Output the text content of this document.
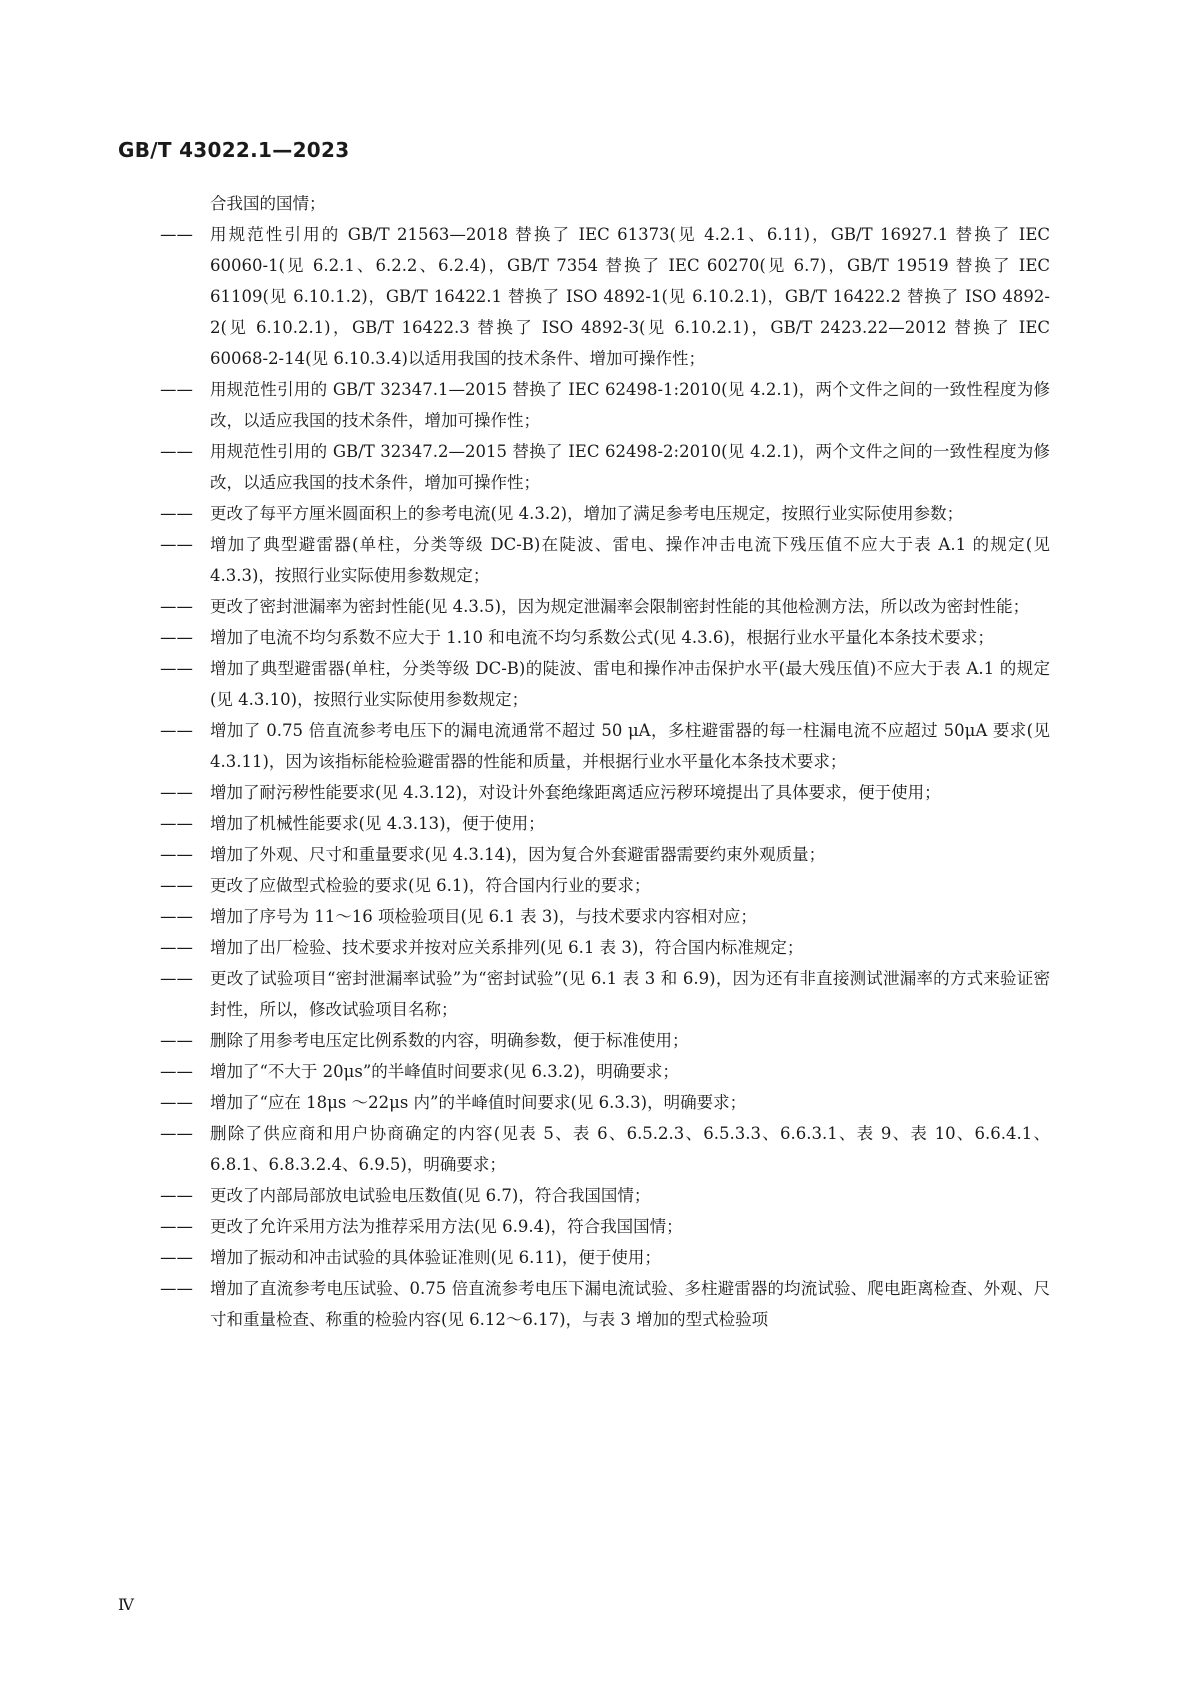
GB/T 43022.1—2023
合我国的国情；
——	用规范性引用的 GB/T 21563—2018 替换了 IEC 61373(见 4.2.1、6.11)，GB/T 16927.1 替换了 IEC 60060-1(见 6.2.1、6.2.2、6.2.4)，GB/T 7354 替换了 IEC 60270(见 6.7)，GB/T 19519 替换了 IEC 61109(见 6.10.1.2)，GB/T 16422.1 替换了 ISO 4892-1(见 6.10.2.1)，GB/T 16422.2 替换了 ISO 4892-2(见 6.10.2.1)，GB/T 16422.3 替换了 ISO 4892-3(见 6.10.2.1)，GB/T 2423.22—2012 替换了 IEC 60068-2-14(见 6.10.3.4)以适用我国的技术条件、增加可操作性；
——	用规范性引用的 GB/T 32347.1—2015 替换了 IEC 62498-1:2010(见 4.2.1)，两个文件之间的一致性程度为修改，以适应我国的技术条件，增加可操作性；
——	用规范性引用的 GB/T 32347.2—2015 替换了 IEC 62498-2:2010(见 4.2.1)，两个文件之间的一致性程度为修改，以适应我国的技术条件，增加可操作性；
——	更改了每平方厘米圆面积上的参考电流(见 4.3.2)，增加了满足参考电压规定，按照行业实际使用参数；
——	增加了典型避雷器(单柱，分类等级 DC-B)在陡波、雷电、操作冲击电流下残压值不应大于表 A.1 的规定(见 4.3.3)，按照行业实际使用参数规定；
——	更改了密封泄漏率为密封性能(见 4.3.5)，因为规定泄漏率会限制密封性能的其他检测方法，所以改为密封性能；
——	增加了电流不均匀系数不应大于 1.10 和电流不均匀系数公式(见 4.3.6)，根据行业水平量化本条技术要求；
——	增加了典型避雷器(单柱，分类等级 DC-B)的陡波、雷电和操作冲击保护水平(最大残压值)不应大于表 A.1 的规定(见 4.3.10)，按照行业实际使用参数规定；
——	增加了 0.75 倍直流参考电压下的漏电流通常不超过 50 μA，多柱避雷器的每一柱漏电流不应超过 50μA 要求(见 4.3.11)，因为该指标能检验避雷器的性能和质量，并根据行业水平量化本条技术要求；
——	增加了耐污秽性能要求(见 4.3.12)，对设计外套绝缘距离适应污秽环境提出了具体要求，便于使用；
——	增加了机械性能要求(见 4.3.13)，便于使用；
——	增加了外观、尺寸和重量要求(见 4.3.14)，因为复合外套避雷器需要约束外观质量；
——	更改了应做型式检验的要求(见 6.1)，符合国内行业的要求；
——	增加了序号为 11～16 项检验项目(见 6.1 表 3)，与技术要求内容相对应；
——	增加了出厂检验、技术要求并按对应关系排列(见 6.1 表 3)，符合国内标准规定；
——	更改了试验项目“密封泄漏率试验”为“密封试验”(见 6.1 表 3 和 6.9)，因为还有非直接测试泄漏率的方式来验证密封性，所以，修改试验项目名称；
——	删除了用参考电压定比例系数的内容，明确参数，便于标准使用；
——	增加了“不大于 20μs”的半峰值时间要求(见 6.3.2)，明确要求；
——	增加了“应在 18μs ～22μs 内”的半峰值时间要求(见 6.3.3)，明确要求；
——	删除了供应商和用户协商确定的内容(见表 5、表 6、6.5.2.3、6.5.3.3、6.6.3.1、表 9、表 10、6.6.4.1、6.8.1、6.8.3.2.4、6.9.5)，明确要求；
——	更改了内部局部放电试验电压数值(见 6.7)，符合我国国情；
——	更改了允许采用方法为推荐采用方法(见 6.9.4)，符合我国国情；
——	增加了振动和冲击试验的具体验证准则(见 6.11)，便于使用；
——	增加了直流参考电压试验、0.75 倍直流参考电压下漏电流试验、多柱避雷器的均流试验、爬电距离检查、外观、尺寸和重量检查、称重的检验内容(见 6.12～6.17)，与表 3 增加的型式检验项
Ⅳ
